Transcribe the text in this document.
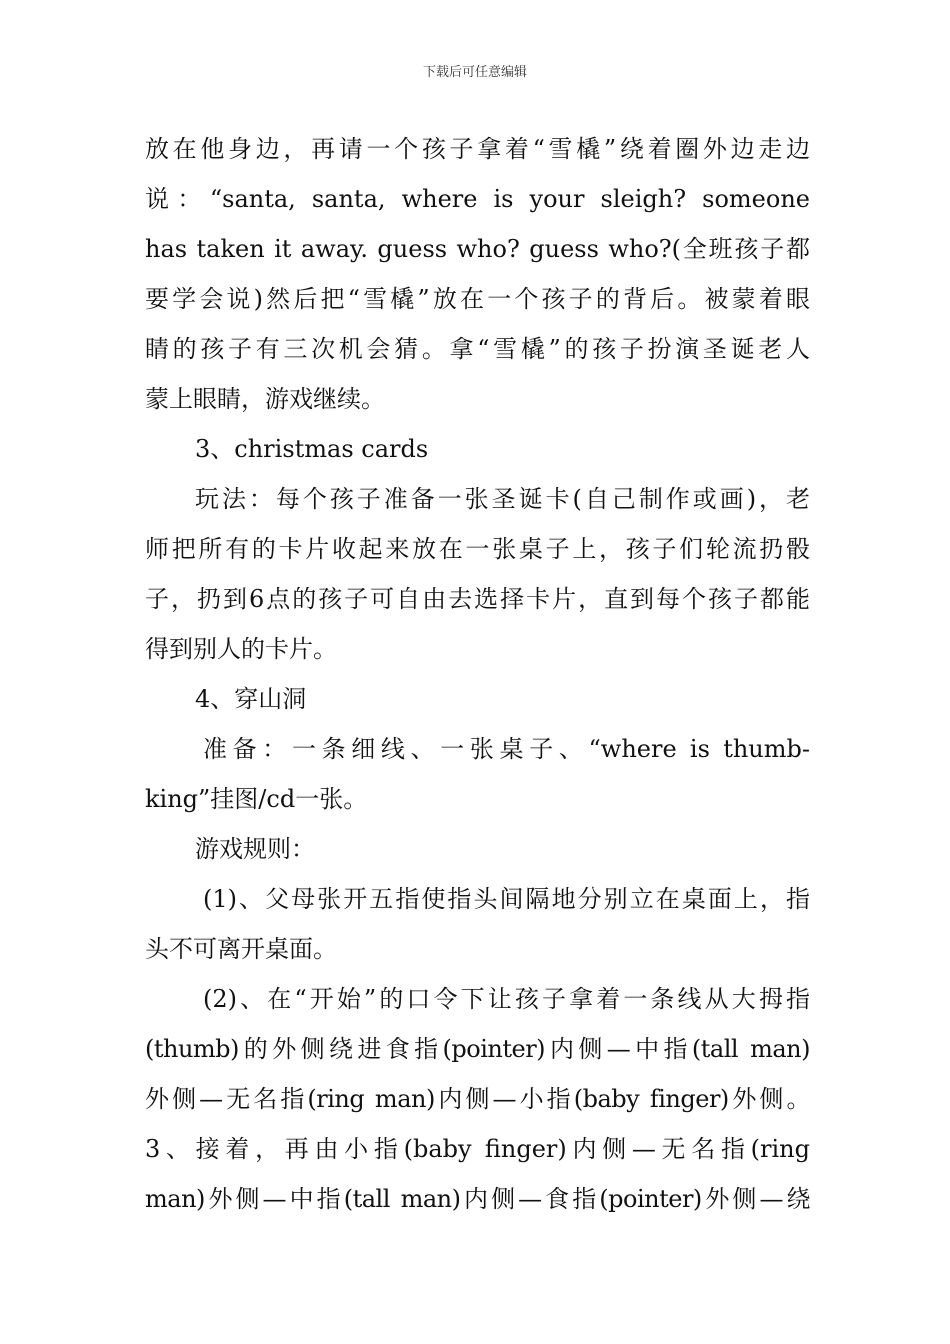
下载后可任意编辑
放在他身边，再请一个孩子拿着“雪橇”绕着圈外边走边
说：“santa, santa, where is your sleigh? someone
has taken it away. guess who? guess who?(全班孩子都
要学会说)然后把“雪橇”放在一个孩子的背后。被蒙着眼
睛的孩子有三次机会猜。拿“雪橇”的孩子扮演圣诞老人
蒙上眼睛，游戏继续。
3、christmas cards
玩法：每个孩子准备一张圣诞卡(自己制作或画)，老
师把所有的卡片收起来放在一张桌子上，孩子们轮流扔骰
子，扔到6点的孩子可自由去选择卡片，直到每个孩子都能
得到别人的卡片。
4、穿山洞
准备：一条细线、一张桌子、“where is thumb-
king”挂图/cd一张。
游戏规则：
(1)、父母张开五指使指头间隔地分别立在桌面上，指
头不可离开桌面。
(2)、在“开始”的口令下让孩子拿着一条线从大拇指
(thumb)的外侧绕进食指(pointer)内侧—中指(tall man)
外侧—无名指(ring man)内侧—小指(baby finger)外侧。
3、接着，再由小指(baby finger)内侧—无名指(ring
man)外侧—中指(tall man)内侧—食指(pointer)外侧—绕
